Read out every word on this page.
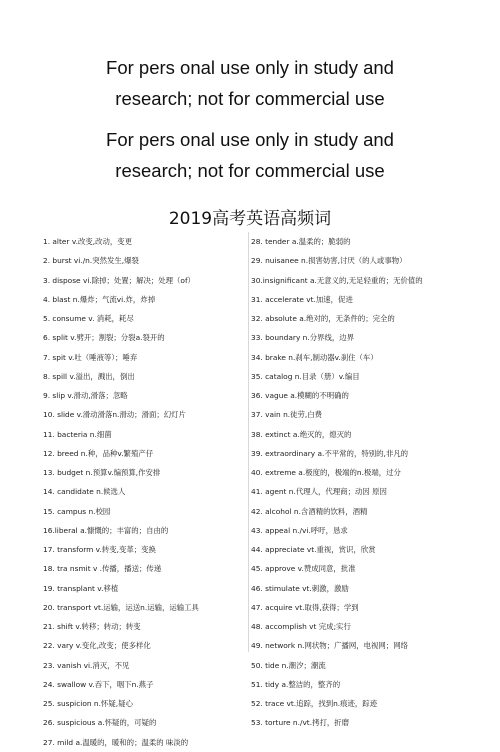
For pers onal use only in study and
research; not for commercial use
For pers onal use only in study and
research; not for commercial use
2019高考英语高频词
1. alter v.改变,改动，变更
2. burst vi./n.突然发生,爆裂
3. dispose vi.除掉；处置；解决；处理（of）
4. blast n.爆炸；气流vi.炸，炸掉
5. consume v. 消耗，耗尽
6. split v.劈开；割裂；分裂a.裂开的
7. spit v.吐（唾液等）；唾弃
8. spill v.溢出，溅出，倒出
9. slip v.滑动,滑落；忽略
10. slide v.滑动滑落n.滑动；滑面；幻灯片
11. bacteria n.细菌
12. breed n.种，品种v.繁殖产仔
13. budget n.预算v.编预算,作安排
14. candidate n.候选人
15. campus n.校园
16.liberal a.慷慨的；丰富的；自由的
17. transform v.转变,变革；变换
18. tra nsmit v .传播，播送；传递
19. transplant v.移植
20. transport vt.运输，运送n.运输，运输工具
21. shift v.转移；转动；转变
22. vary v.变化,改变；使多样化
23. vanish vi.消灭，不见
24. swallow v.吞下，咽下n.燕子
25. suspicion n.怀疑,疑心
26. suspicious a.怀疑的，可疑的
27. mild a.温暖的，暖和的；温柔的 味淡的
28. tender a.温柔的；脆弱的
29. nuisanee n.损害妨害,讨厌（的人或事物）
30.insignificant a.无意义的,无足轻重的；无价值的
31. accelerate vt.加速，促进
32. absolute a.绝对的，无条件的；完全的
33. boundary n.分界线，边界
34. brake n.刹车,制动器v.刹住（车）
35. catalog n.目录（册）v.编目
36. vague a.模糊的不明确的
37. vain n.徒劳,白费
38. extinct a.绝灭的，熄灭的
39. extraordinary a.不平常的，特别的,非凡的
40. extreme a.极度的，极端的n.极端，过分
41. agent n.代理人，代理商；动因 原因
42. alcohol n.含酒精的饮料，酒精
43. appeal n./vi.呼吁，恳求
44. appreciate vt.重视，赏识，欣赏
45. approve v.赞成同意，批准
46. stimulate vt.刺激，激励
47. acquire vt.取得,获得；学到
48. accomplish vt 完成;实行
49. network n.网状物；广播网，电视网；网络
50. tide n.潮汐；潮流
51. tidy a.整洁的，整齐的
52. trace vt.追踪，找到n.痕迹，踪迹
53. torture n./vt.拷打，折磨
